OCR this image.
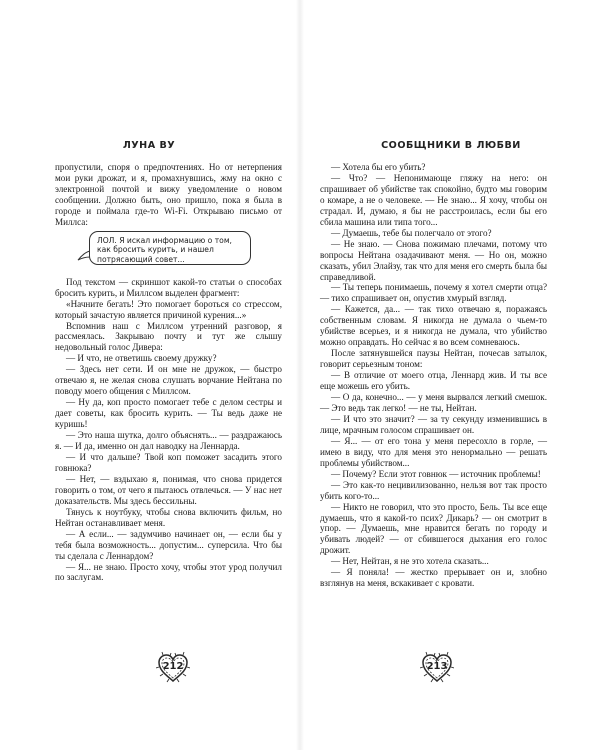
ЛУНА ВУ

пропустили, споря о предпочтениях. Но от нетерпения мои руки дрожат, и я, промахнувшись, жму на окно с электронной почтой и вижу уведомление о новом сообщении. Должно быть, оно пришло, пока я была в городе и поймала где-то Wi-Fi. Открываю письмо от Миллса:

ЛОЛ. Я искал информацию о том, как бросить курить, и нашел потрясающий совет...

Под текстом — скриншот какой-то статьи о способах бросить курить, и Миллсом выделен фрагмент:

«Начните бегать! Это помогает бороться со стрессом, который зачастую является причиной курения...»

Вспомнив наш с Миллсом утренний разговор, я рассмеялась. Закрываю почту и тут же слышу недовольный голос Дивера:

— И что, не ответишь своему дружку?

— Здесь нет сети. И он мне не дружок, — быстро отвечаю я, не желая снова слушать ворчание Нейтана по поводу моего общения с Миллсом.

— Ну да, коп просто помогает тебе с делом сестры и дает советы, как бросить курить. — Ты ведь даже не куришь!

— Это наша шутка, долго объяснять... — раздражаюсь я. — И да, именно он дал наводку на Леннарда.

— И что дальше? Твой коп поможет засадить этого говнюка?

— Нет, — вздыхаю я, понимая, что снова придется говорить о том, от чего я пытаюсь отвлечься. — У нас нет доказательств. Мы здесь бессильны.

Тянусь к ноутбуку, чтобы снова включить фильм, но Нейтан останавливает меня.

— А если... — задумчиво начинает он, — если бы у тебя была возможность... допустим... суперсила. Что бы ты сделала с Леннардом?

— Я... не знаю. Просто хочу, чтобы этот урод получил по заслугам.

212
СООБЩНИКИ В ЛЮБВИ

— Хотела бы его убить?

— Что? — Непонимающе гляжу на него: он спрашивает об убийстве так спокойно, будто мы говорим о комаре, а не о человеке. — Не знаю... Я хочу, чтобы он страдал. И, думаю, я бы не расстроилась, если бы его сбила машина или типа того...

— Думаешь, тебе бы полегчало от этого?

— Не знаю. — Снова пожимаю плечами, потому что вопросы Нейтана озадачивают меня. — Но он, можно сказать, убил Элайзу, так что для меня его смерть была бы справедливой.

— Ты теперь понимаешь, почему я хотел смерти отца? — тихо спрашивает он, опустив хмурый взгляд.

— Кажется, да... — так тихо отвечаю я, поражаясь собственным словам. Я никогда не думала о чьем-то убийстве всерьез, и я никогда не думала, что убийство можно оправдать. Но сейчас я во всем сомневаюсь.

После затянувшейся паузы Нейтан, почесав затылок, говорит серьезным тоном:

— В отличие от моего отца, Леннард жив. И ты все еще можешь его убить.

— О да, конечно... — у меня вырвался легкий смешок. — Это ведь так легко! — не ты, Нейтан.

— И что это значит? — за ту секунду изменившись в лице, мрачным голосом спрашивает он.

— Я... — от его тона у меня пересохло в горле, — имею в виду, что для меня это ненормально — решать проблемы убийством...

— Почему? Если этот говнюк — источник проблемы!

— Это как-то нецивилизованно, нельзя вот так просто убить кого-то...

— Никто не говорил, что это просто, Бель. Ты все еще думаешь, что я какой-то псих? Дикарь? — он смотрит в упор. — Думаешь, мне нравится бегать по городу и убивать людей? — от сбившегося дыхания его голос дрожит.

— Нет, Нейтан, я не это хотела сказать...

— Я поняла! — жестко прерывает он и, злобно взглянув на меня, вскакивает с кровати.

213
